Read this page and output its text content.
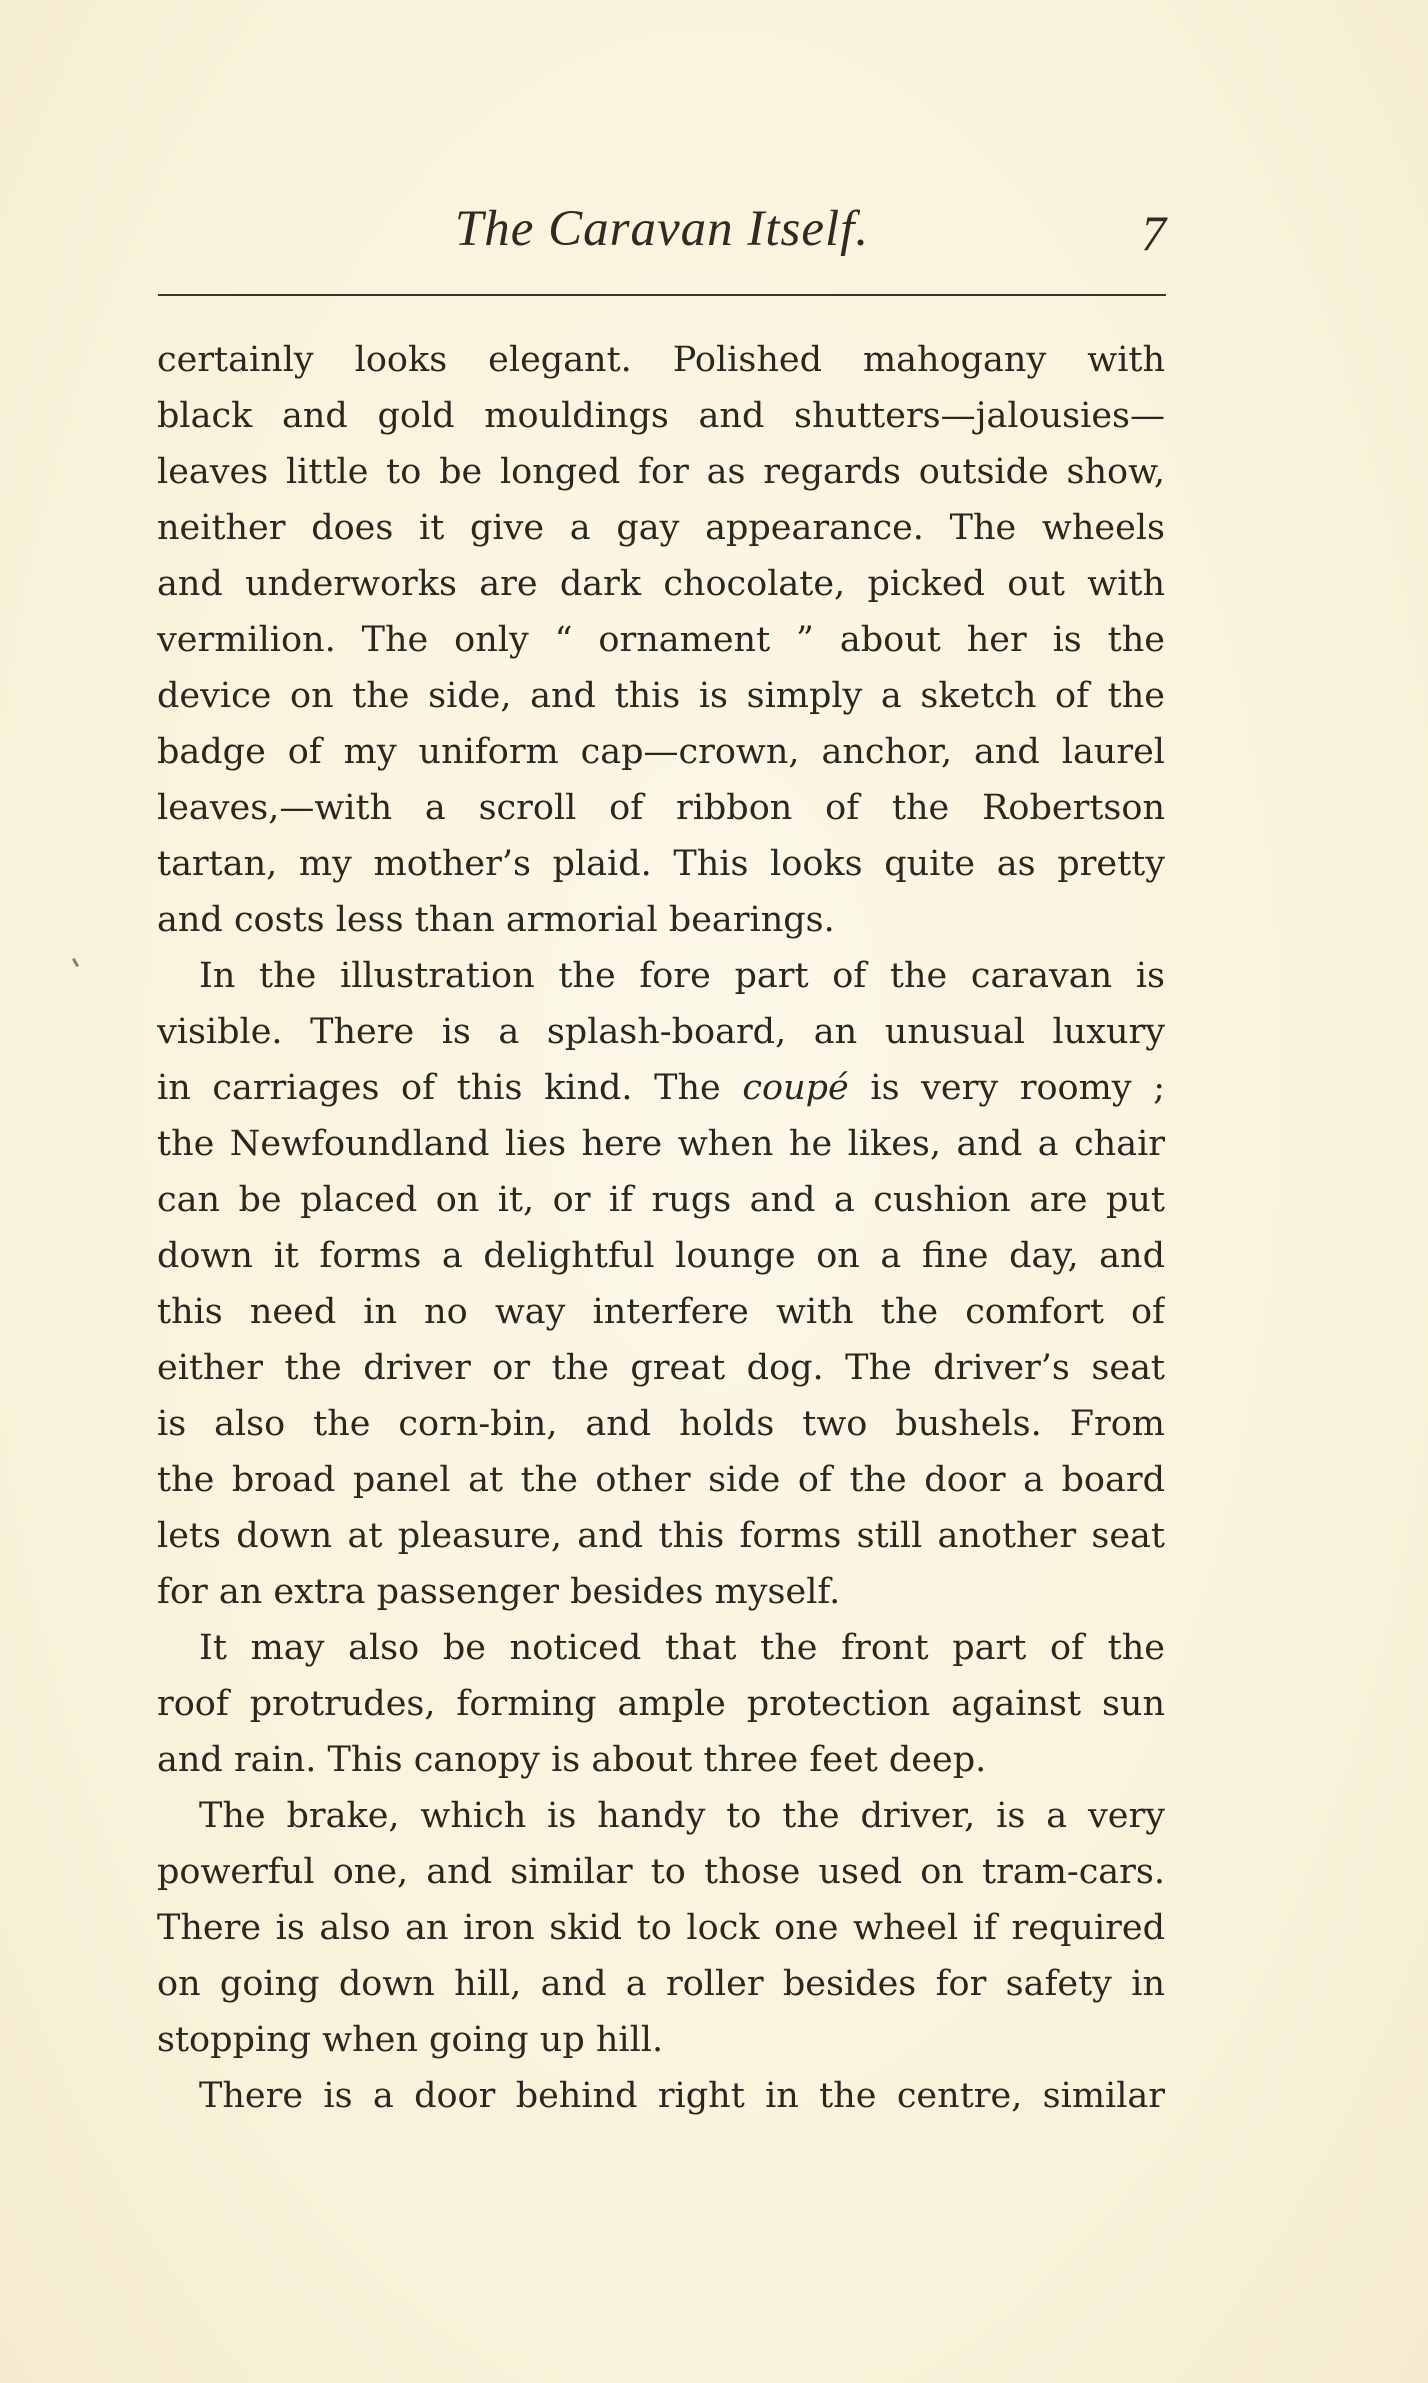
The Caravan Itself.	7
certainly looks elegant. Polished mahogany with
black and gold mouldings and shutters—jalousies—
leaves little to be longed for as regards outside show,
neither does it give a gay appearance. The wheels
and underworks are dark chocolate, picked out with
vermilion. The only “ ornament ” about her is the
device on the side, and this is simply a sketch of the
badge of my uniform cap—crown, anchor, and laurel
leaves,—with a scroll of ribbon of the Robertson
tartan, my mother’s plaid. This looks quite as pretty
and costs less than armorial bearings.
In the illustration the fore part of the caravan is
visible. There is a splash-board, an unusual luxury
in carriages of this kind. The coupé is very roomy ;
the Newfoundland lies here when he likes, and a chair
can be placed on it, or if rugs and a cushion are put
down it forms a delightful lounge on a fine day, and
this need in no way interfere with the comfort of
either the driver or the great dog. The driver’s seat
is also the corn-bin, and holds two bushels. From
the broad panel at the other side of the door a board
lets down at pleasure, and this forms still another seat
for an extra passenger besides myself.
It may also be noticed that the front part of the
roof protrudes, forming ample protection against sun
and rain. This canopy is about three feet deep.
The brake, which is handy to the driver, is a very
powerful one, and similar to those used on tram-cars.
There is also an iron skid to lock one wheel if required
on going down hill, and a roller besides for safety in
stopping when going up hill.
There is a door behind right in the centre, similar
